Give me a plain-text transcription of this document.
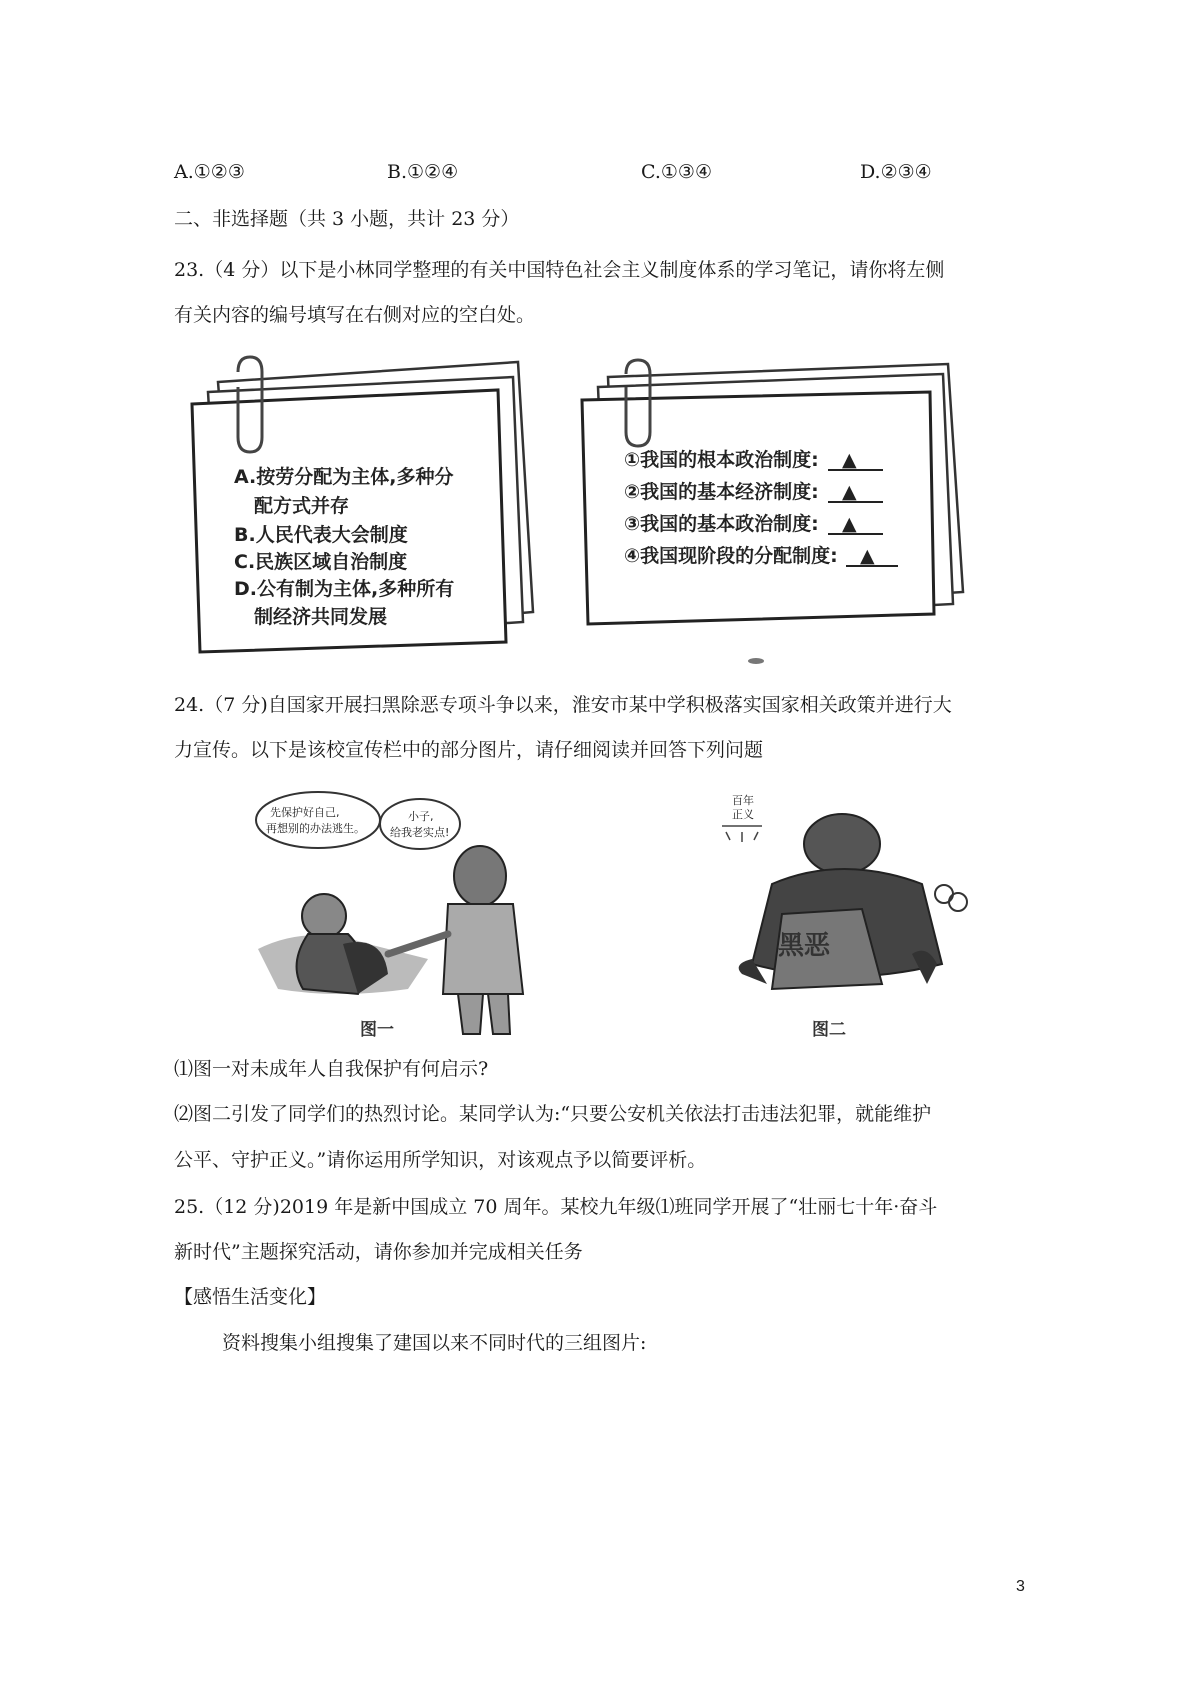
A.①②③	B.①②④	C.①③④	D.②③④
二、非选择题（共 3 小题，共计 23 分）
23.（4 分）以下是小林同学整理的有关中国特色社会主义制度体系的学习笔记，请你将左侧
有关内容的编号填写在右侧对应的空白处。
A.按劳分配为主体,多种分
配方式并存
B.人民代表大会制度
C.民族区域自治制度
D.公有制为主体,多种所有
制经济共同发展
①我国的根本政治制度:
②我国的基本经济制度:
③我国的基本政治制度:
④我国现阶段的分配制度:
▲
▲
▲
▲
24.（7 分)自国家开展扫黑除恶专项斗争以来，淮安市某中学积极落实国家相关政策并进行大
力宣传。以下是该校宣传栏中的部分图片，请仔细阅读并回答下列问题
先保护好自己,
再想别的办法逃生。
小子,
给我老实点!
图一
百年
正义
黑恶
图二
⑴图一对未成年人自我保护有何启示?
⑵图二引发了同学们的热烈讨论。某同学认为:“只要公安机关依法打击违法犯罪，就能维护
公平、守护正义。”请你运用所学知识，对该观点予以简要评析。
25.（12 分)2019 年是新中国成立 70 周年。某校九年级⑴班同学开展了“壮丽七十年·奋斗
新时代”主题探究活动，请你参加并完成相关任务
【感悟生活变化】
资料搜集小组搜集了建国以来不同时代的三组图片:
3
